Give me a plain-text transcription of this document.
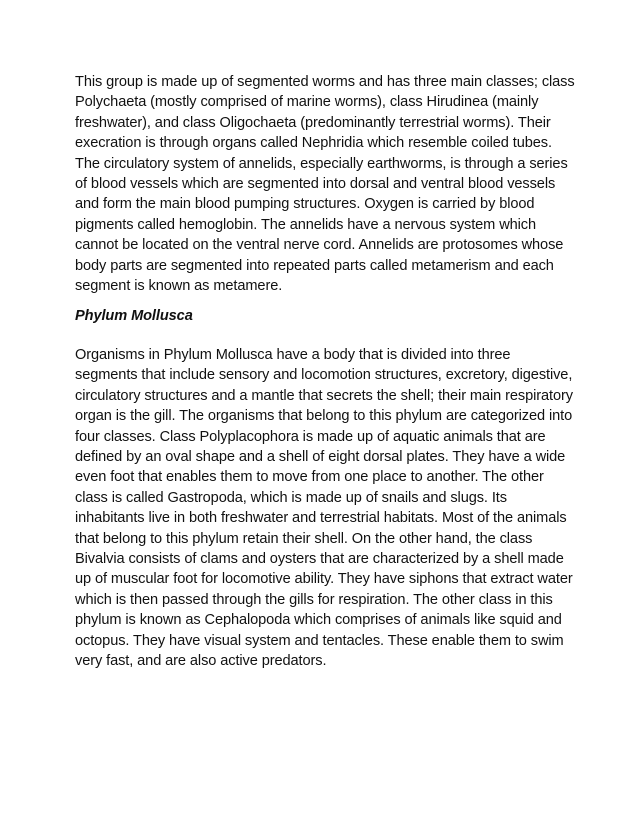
This group is made up of segmented worms and has three main classes; class Polychaeta (mostly comprised of marine worms), class Hirudinea (mainly freshwater), and class Oligochaeta (predominantly terrestrial worms). Their execration is through organs called Nephridia which resemble coiled tubes. The circulatory system of annelids, especially earthworms, is through a series of blood vessels which are segmented into dorsal and ventral blood vessels and form the main blood pumping structures. Oxygen is carried by blood pigments called hemoglobin. The annelids have a nervous system which cannot be located on the ventral nerve cord. Annelids are protosomes whose body parts are segmented into repeated parts called metamerism and each segment is known as metamere.

Phylum Mollusca

Organisms in Phylum Mollusca have a body that is divided into three segments that include sensory and locomotion structures, excretory, digestive, circulatory structures and a mantle that secrets the shell; their main respiratory organ is the gill. The organisms that belong to this phylum are categorized into four classes. Class Polyplacophora is made up of aquatic animals that are defined by an oval shape and a shell of eight dorsal plates. They have a wide even foot that enables them to move from one place to another. The other class is called Gastropoda, which is made up of snails and slugs. Its inhabitants live in both freshwater and terrestrial habitats. Most of the animals that belong to this phylum retain their shell. On the other hand, the class Bivalvia consists of clams and oysters that are characterized by a shell made up of muscular foot for locomotive ability. They have siphons that extract water which is then passed through the gills for respiration. The other class in this phylum is known as Cephalopoda which comprises of animals like squid and octopus. They have visual system and tentacles. These enable them to swim very fast, and are also active predators.
